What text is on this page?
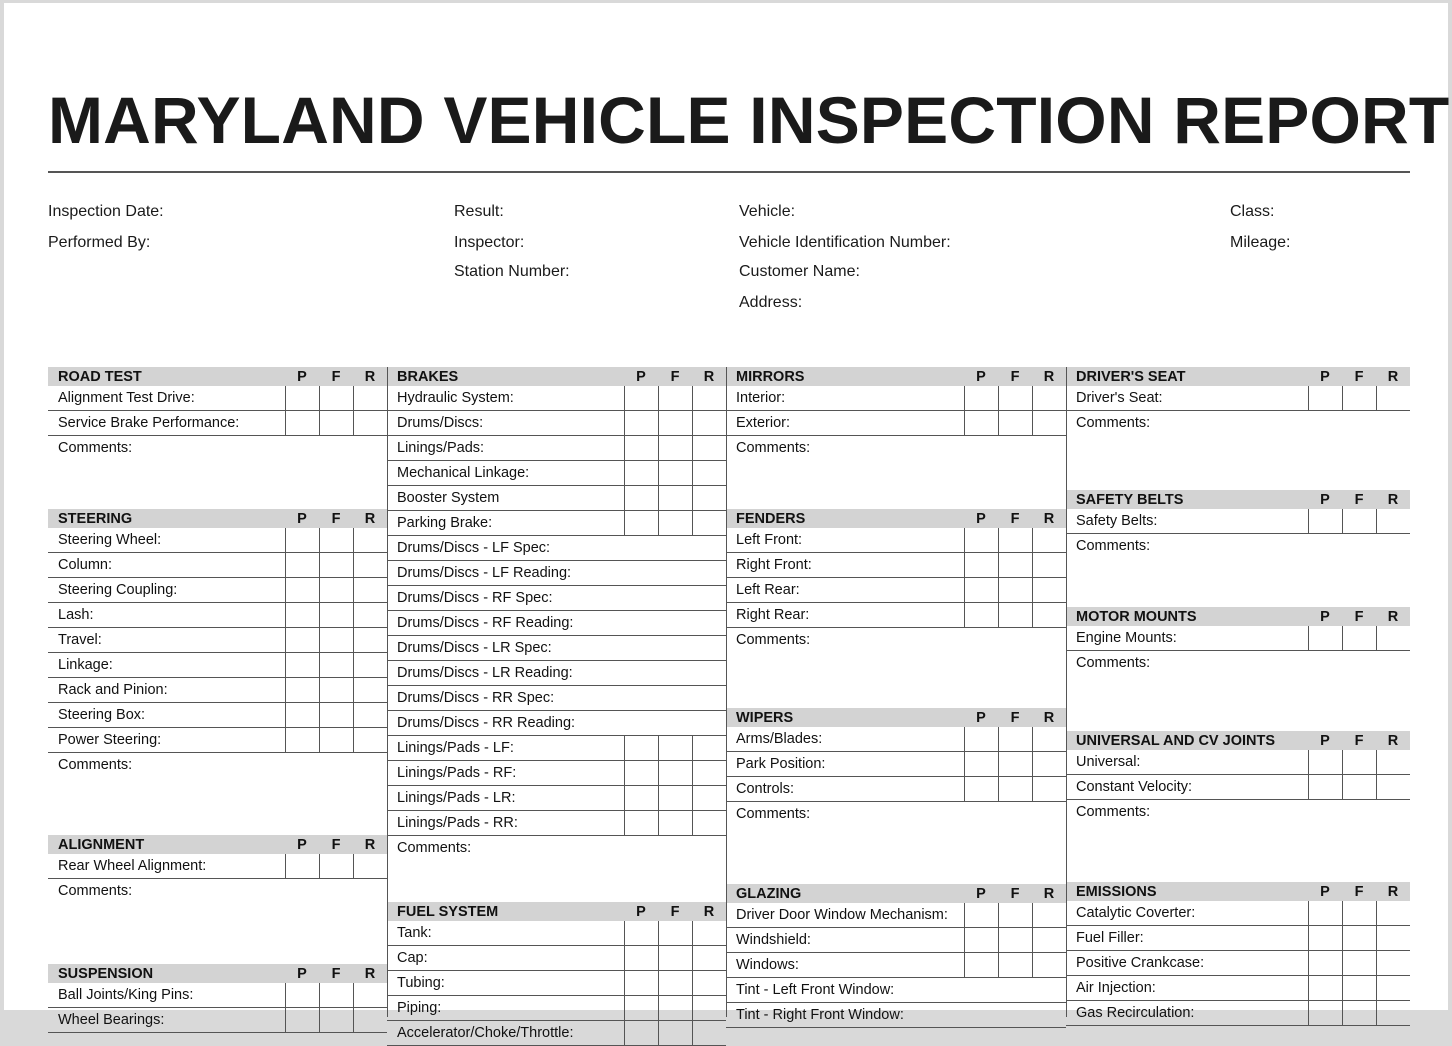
MARYLAND VEHICLE INSPECTION REPORT
Inspection Date:
Performed By:
Result:
Inspector:
Station Number:
Vehicle:
Vehicle Identification Number:
Customer Name:
Address:
Class:
Mileage:
ROAD TEST	P	F	R
Alignment Test Drive:
Service Brake Performance:
Comments:
STEERING	P	F	R
Steering Wheel:
Column:
Steering Coupling:
Lash:
Travel:
Linkage:
Rack and Pinion:
Steering Box:
Power Steering:
Comments:
ALIGNMENT	P	F	R
Rear Wheel Alignment:
Comments:
SUSPENSION	P	F	R
Ball Joints/King Pins:
Wheel Bearings:
BRAKES	P	F	R
Hydraulic System:
Drums/Discs:
Linings/Pads:
Mechanical Linkage:
Booster System
Parking Brake:
Drums/Discs - LF Spec:
Drums/Discs - LF Reading:
Drums/Discs - RF Spec:
Drums/Discs - RF Reading:
Drums/Discs - LR Spec:
Drums/Discs - LR Reading:
Drums/Discs - RR Spec:
Drums/Discs - RR Reading:
Linings/Pads - LF:
Linings/Pads - RF:
Linings/Pads - LR:
Linings/Pads - RR:
Comments:
FUEL SYSTEM	P	F	R
Tank:
Cap:
Tubing:
Piping:
Accelerator/Choke/Throttle:
MIRRORS	P	F	R
Interior:
Exterior:
Comments:
FENDERS	P	F	R
Left Front:
Right Front:
Left Rear:
Right Rear:
Comments:
WIPERS	P	F	R
Arms/Blades:
Park Position:
Controls:
Comments:
GLAZING	P	F	R
Driver Door Window Mechanism:
Windshield:
Windows:
Tint - Left Front Window:
Tint - Right Front Window:
DRIVER'S SEAT	P	F	R
Driver's Seat:
Comments:
SAFETY BELTS	P	F	R
Safety Belts:
Comments:
MOTOR MOUNTS	P	F	R
Engine Mounts:
Comments:
UNIVERSAL AND CV JOINTS	P	F	R
Universal:
Constant Velocity:
Comments:
EMISSIONS	P	F	R
Catalytic Coverter:
Fuel Filler:
Positive Crankcase:
Air Injection:
Gas Recirculation:
